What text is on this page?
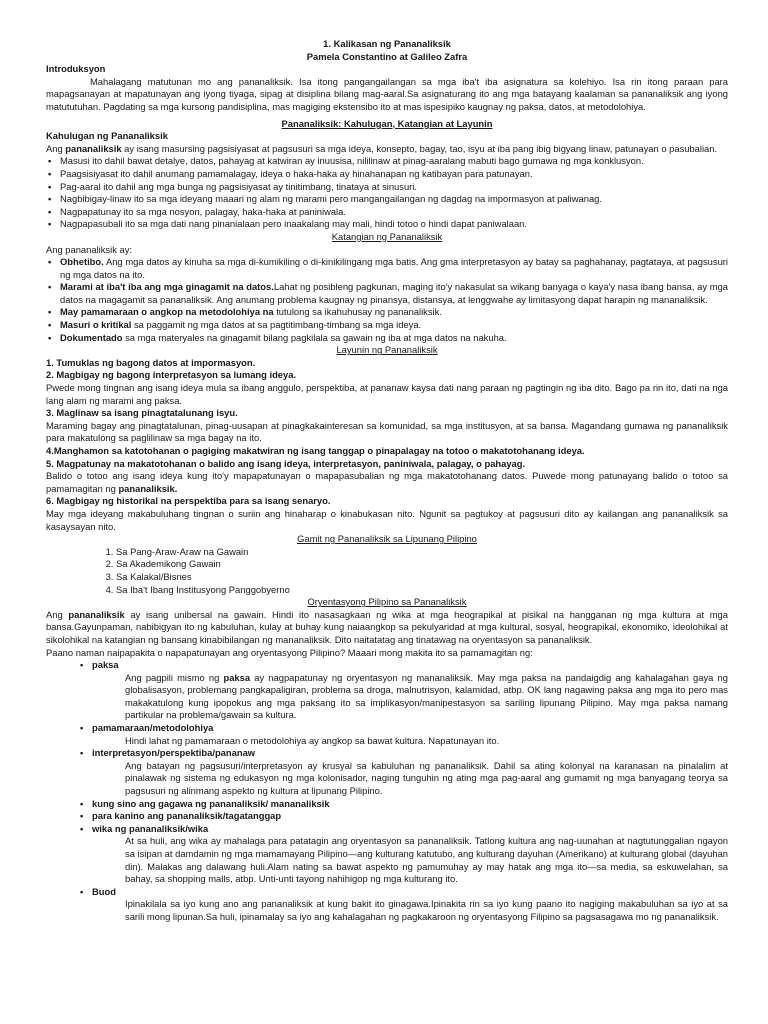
1. Kalikasan ng Pananaliksik

Pamela Constantino at Galileo Zafra

Introduksyon

Mahalagang matutunan mo ang pananaliksik. Isa itong pangangailangan sa mga iba't iba asignatura sa kolehiyo. Isa rin itong paraan para mapagsanayan at mapatunayan ang iyong tiyaga, sipag at disiplina bilang mag-aaral.Sa asignaturang ito ang mga batayang kaalaman sa pananaliksik ang iyong matututuhan. Pagdating sa mga kursong pandisiplina, mas magiging ekstensibo ito at mas ispesipiko kaugnay ng paksa, datos, at metodolohiya.

Pananaliksik: Kahulugan, Katangian at Layunin

Kahulugan ng Pananaliksik

Ang pananaliksik ay isang masursing pagsisiyasat at pagsusuri sa mga ideya, konsepto, bagay, tao, isyu at iba pang ibig bigyang linaw, patunayan o pasubalian.

• Masusi ito dahil bawat detalye, datos, pahayag at katwiran ay inuusisa, nililinaw at pinag-aaralang mabuti bago gumawa ng mga konklusyon.
• Paagsisiyasat ito dahil anumang pamamalagay, ideya o haka-haka ay hinahanapan ng katibayan para patunayan.
• Pag-aaral ito dahil ang mga bunga ng pagsisiyasat ay tinitimbang, tinataya at sinusuri.
• Nagbibigay-linaw ito sa mga ideyang maaari ng alam ng marami pero mangangailangan ng dagdag na impormasyon at paliwanag.
• Nagpapatunay ito sa mga nosyon, palagay, haka-haka at paniniwala.
• Nagpapasubali ito sa mga dati nang pinanialaan pero inaakalang may mali, hindi totoo o hindi dapat paniwalaan.

Katangian ng Pananaliksik

Ang pananaliksik ay:

• Obhetibo. Ang mga datos ay kinuha sa mga di-kumikiling o di-kinikilingang mga batis. Ang gma interpretasyon ay batay sa paghahanay, pagtataya, at pagsusuri ng mga datos na ito.
• Marami at iba't iba ang mga ginagamit na datos.Lahat ng posibleng pagkunan, maging ito'y nakasulat sa wikang banyaga o kaya'y nasa ibang bansa, ay mga datos na magagamit sa pananaliksik. Ang anumang problema kaugnay ng pinansya, distansya, at lenggwahe ay limitasyong dapat harapin ng mananaliksik.
• May pamamaraan o angkop na metodolohiya na tutulong sa ikahuhusay ng pananaliksik.
• Masuri o kritikal sa paggamit ng mga datos at sa pagtitimbang-timbang sa mga ideya.
• Dokumentado sa mga materyales na ginagamit bilang pagkilala sa gawain ng iba at mga datos na nakuha.

Layunin ng Pananaliksik

1. Tumuklas ng bagong datos at impormasyon.

2. Magbigay ng bagong interpretasyon sa lumang ideya.

Pwede mong tingnan ang isang ideya mula sa ibang anggulo, perspektiba, at pananaw kaysa dati nang paraan ng pagtingin ng iba dito. Bago pa rin ito, dati na nga lang alam ng marami ang paksa.

3. Maglinaw sa isang pinagtatalunang isyu.

Maraming bagay ang pinagtatalunan, pinag-uusapan at pinagkakainteresan sa komunidad, sa mga institusyon, at sa bansa. Magandang gumawa ng pananaliksik para makatulong sa paglilinaw sa mga bagay na ito.

4.Manghamon sa katotohanan o pagiging makatwiran ng isang tanggap o pinapalagay na totoo o makatotohanang ideya.

5. Magpatunay na makatotohanan o balido ang isang ideya, interpretasyon, paniniwala, palagay, o pahayag.

Balido o totoo ang isang ideya kung ito'y mapapatunayan o mapapasubalian ng mga makatotohanang datos. Puwede mong patunayang balido o totoo sa pamamagitan ng pananaliksik.

6. Magbigay ng historikal na perspektiba para sa isang senaryo.

May mga ideyang makabuluhang tingnan o suriin ang hinaharap o kinabukasan nito. Ngunit sa pagtukoy at pagsusuri dito ay kailangan ang pananaliksik sa kasaysayan nito.

Gamit ng Pananaliksik sa Lipunang Pilipino

1. Sa Pang-Araw-Araw na Gawain
2. Sa Akademikong Gawain
3. Sa Kalakal/Bisnes
4. Sa Iba't Ibang Institusyong Panggobyerno

Oryentasyong Pilipino sa Pananaliksik

Ang pananaliksik ay isang unibersal na gawain. Hindi ito nasasagkaan ng wika at mga heograpikal at pisikal na hangganan ng mga kultura at mga bansa.Gayunpaman, nabibigyan ito ng kabuluhan, kulay at buhay kung naiaangkop sa pekulyaridad at mga kultural, sosyal, heograpikal, ekonomiko, ideolohikal at sikolohikal na katangian ng bansang kinabibilangan ng mananaliksik. Dito naitatatag ang tinatawag na oryentasyon sa pananaliksik.

Paano naman naipapakita o napapatunayan ang oryentasyong Pilipino? Maaari mong makita ito sa pamamagitan ng:

• paksa

Ang pagpili mismo ng paksa ay nagpapatunay ng oryentasyon ng mananaliksik. May mga paksa na pandaigdig ang kahalagahan gaya ng globalisasyon, problemang pangkapaligiran, problema sa droga, malnutrisyon, kalamidad, atbp. OK lang nagawing paksa ang mga ito pero mas makakatulong kung ipopokus ang mga paksang ito sa implikasyon/manipestasyon sa sariling lipunang Pilipino. May mga paksa namang partikular na problema/gawain sa kultura.

• pamamaraan/metodolohiya

Hindi lahat ng pamamaraan o metodolohiya ay angkop sa bawat kultura. Napatunayan ito.

• interpretasyon/perspektiba/pananaw

Ang batayan ng pagsusuri/interpretasyon ay krusyal sa kabuluhan ng pananaliksik. Dahil sa ating kolonyal na karanasan na pinalalim at pinalawak ng sistema ng edukasyon ng mga kolonisador, naging tunguhin ng ating mga pag-aaral ang gumamit ng mga banyagang teorya sa pagsusuri ng alinmang aspekto ng kultura at lipunang Pilipino.

• kung sino ang gagawa ng pananaliksik/ mananaliksik
• para kanino ang pananaliksik/tagatanggap
• wika ng pananaliksik/wika

At sa huli, ang wika ay mahalaga para patatagin ang oryentasyon sa pananaliksik. Tatlong kultura ang nag-uunahan at nagtutunggalian ngayon sa isipan at damdamin ng mga mamamayang Pilipino—ang kulturang katutubo, ang kulturang dayuhan (Amerikano) at kulturang global (dayuhan din). Malakas ang dalawang huli.Alam nating sa bawat aspekto ng pamumuhay ay may hatak ang mga ito—sa media, sa eskuwelahan, sa bahay, sa shopping malls, atbp. Unti-unti tayong nahihigop ng mga kulturang ito.

• Buod

Ipinakilala sa iyo kung ano ang pananaliksik at kung bakit ito ginagawa.Ipinakita rin sa iyo kung paano ito nagiging makabuluhan sa iyo at sa sarili mong lipunan.Sa huli, ipinamalay sa iyo ang kahalagahan ng pagkakaroon ng oryentasyong Filipino sa pagsasagawa mo ng pananaliksik.
